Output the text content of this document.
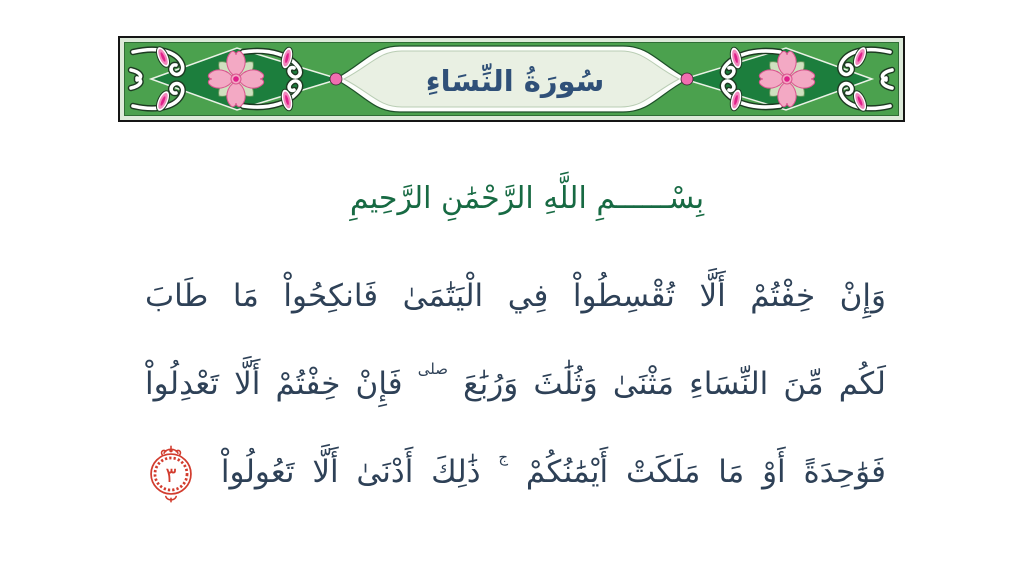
سُورَةُ النِّسَاءِ
بِسْــــــمِ اللَّهِ الرَّحْمَٰنِ الرَّحِيمِ
وَإِنْ خِفْتُمْ أَلَّا تُقْسِطُواْ فِي الْيَتَٰمَىٰ فَانكِحُواْ مَا طَابَ
لَكُم مِّنَ النِّسَاءِ مَثْنَىٰ وَثُلَٰثَ وَرُبَٰعَ $^{صلى}$ فَإِنْ خِفْتُمْ أَلَّا تَعْدِلُواْ
فَوَٰحِدَةً أَوْ مَا مَلَكَتْ أَيْمَٰنُكُمْ $^ج$ ذَٰلِكَ أَدْنَىٰ أَلَّا تَعُولُواْ
٣
